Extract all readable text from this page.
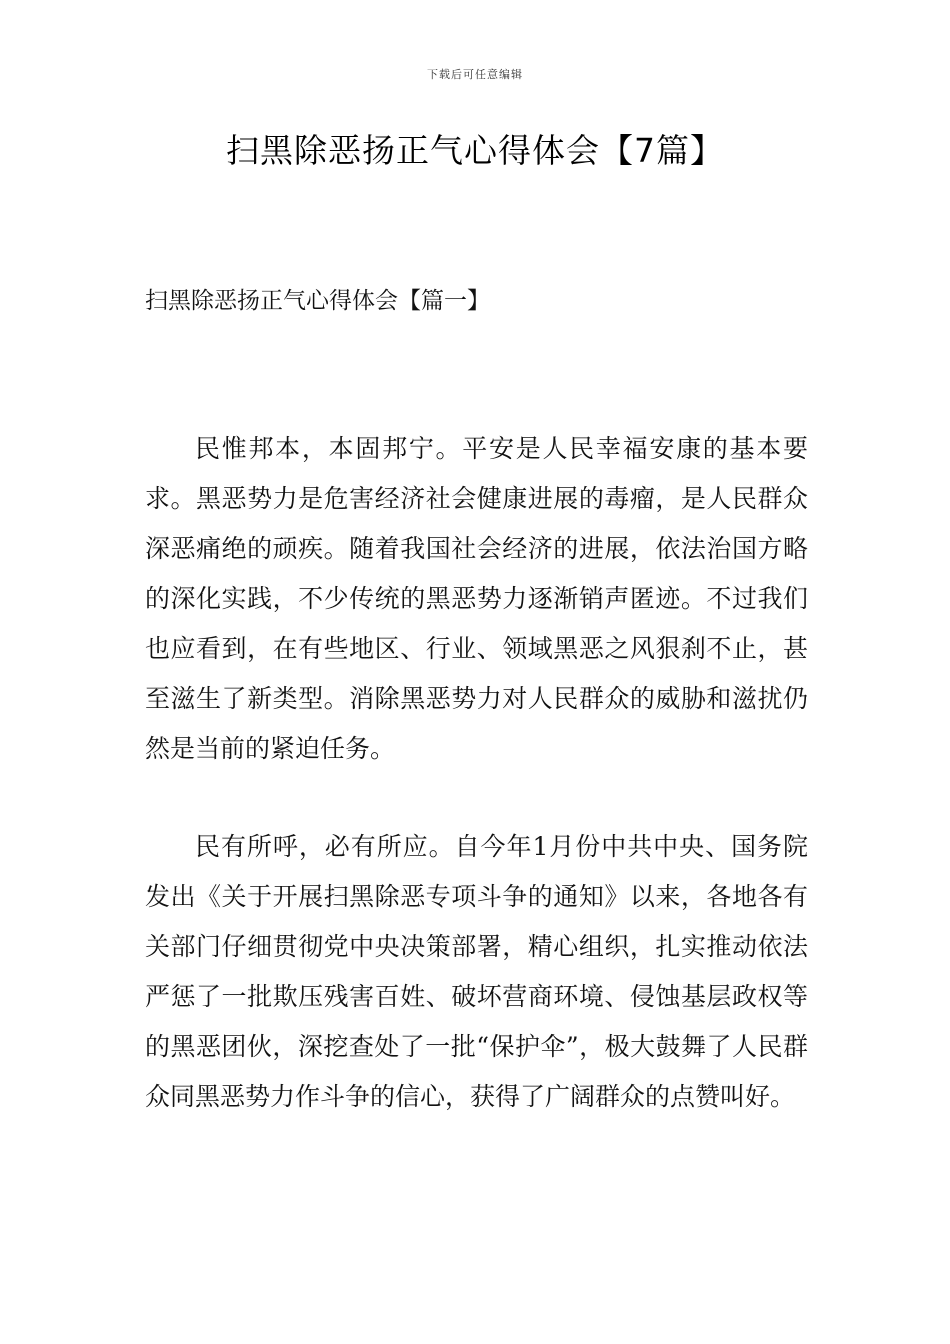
下载后可任意编辑
扫黑除恶扬正气心得体会【7篇】
扫黑除恶扬正气心得体会【篇一】

民惟邦本，本固邦宁。平安是人民幸福安康的基本要求。黑恶势力是危害经济社会健康进展的毒瘤，是人民群众深恶痛绝的顽疾。随着我国社会经济的进展，依法治国方略的深化实践，不少传统的黑恶势力逐渐销声匿迹。不过我们也应看到，在有些地区、行业、领域黑恶之风狠刹不止，甚至滋生了新类型。消除黑恶势力对人民群众的威胁和滋扰仍然是当前的紧迫任务。

民有所呼，必有所应。自今年1月份中共中央、国务院发出《关于开展扫黑除恶专项斗争的通知》以来，各地各有关部门仔细贯彻党中央决策部署，精心组织，扎实推动依法严惩了一批欺压残害百姓、破坏营商环境、侵蚀基层政权等的黑恶团伙，深挖查处了一批“保护伞”，极大鼓舞了人民群众同黑恶势力作斗争的信心，获得了广阔群众的点赞叫好。
